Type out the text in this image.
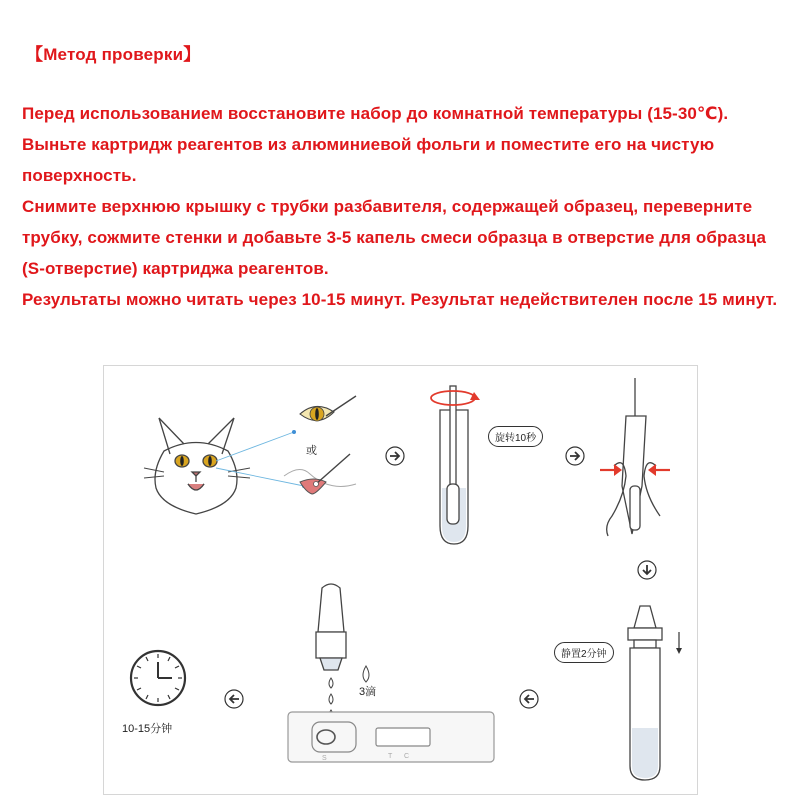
【Метод проверки】

Перед использованием восстановите набор до комнатной температуры (15-30℃). Выньте картридж реагентов из алюминиевой фольги и поместите его на чистую поверхность.

Снимите верхнюю крышку с трубки разбавителя, содержащей образец, переверните трубку, сожмите стенки и добавьте 3-5 капель смеси образца в отверстие для образца (S-отверстие) картриджа реагентов.

Результаты можно читать через 10-15 минут. Результат недействителен после 15 минут.

S	T C
或
旋转10秒
静置2分钟
3滴
10-15分钟
